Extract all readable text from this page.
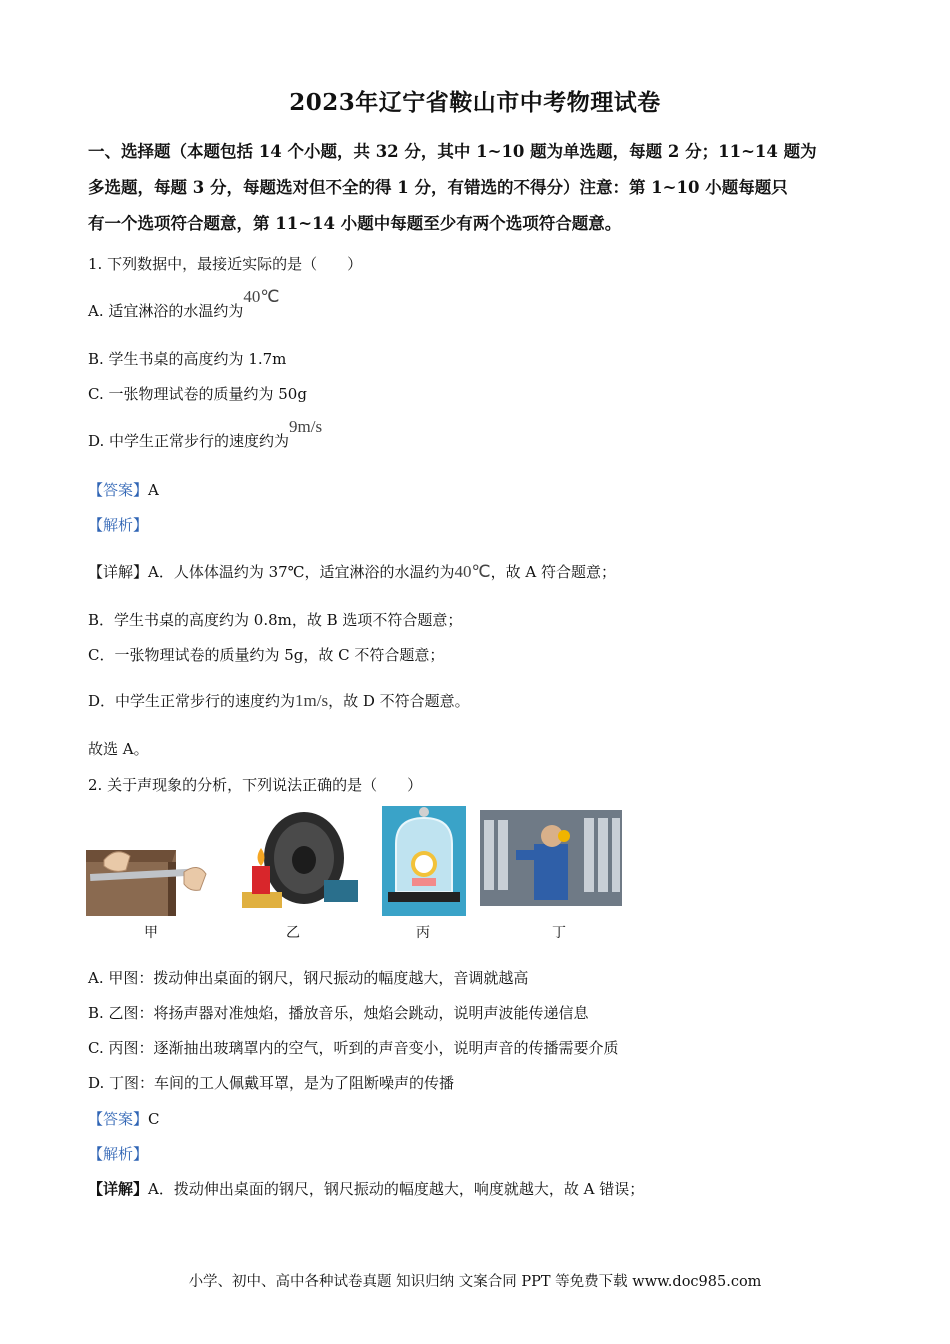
2023年辽宁省鞍山市中考物理试卷
一、选择题（本题包括 14 个小题，共 32 分，其中 1~10 题为单选题，每题 2 分；11~14 题为
多选题，每题 3 分，每题选对但不全的得 1 分，有错选的不得分）注意：第 1~10 小题每题只
有一个选项符合题意，第 11~14 小题中每题至少有两个选项符合题意。
1. 下列数据中，最接近实际的是（　　）
A. 适宜淋浴的水温约为40℃
B. 学生书桌的高度约为 1.7m
C. 一张物理试卷的质量约为 50g
D. 中学生正常步行的速度约为9m/s
【答案】A
【解析】
【详解】A．人体体温约为 37℃，适宜淋浴的水温约为40℃，故 A 符合题意；
B．学生书桌的高度约为 0.8m，故 B 选项不符合题意；
C．一张物理试卷的质量约为 5g，故 C 不符合题意；
D．中学生正常步行的速度约为1m/s，故 D 不符合题意。
故选 A。
2. 关于声现象的分析，下列说法正确的是（　　）
甲	乙	丙	丁
A. 甲图：拨动伸出桌面的钢尺，钢尺振动的幅度越大，音调就越高
B. 乙图：将扬声器对准烛焰，播放音乐，烛焰会跳动，说明声波能传递信息
C. 丙图：逐渐抽出玻璃罩内的空气，听到的声音变小，说明声音的传播需要介质
D. 丁图：车间的工人佩戴耳罩，是为了阻断噪声的传播
【答案】C
【解析】
【详解】A．拨动伸出桌面的钢尺，钢尺振动的幅度越大，响度就越大，故 A 错误；
小学、初中、高中各种试卷真题 知识归纳 文案合同 PPT 等免费下载 www.doc985.com
